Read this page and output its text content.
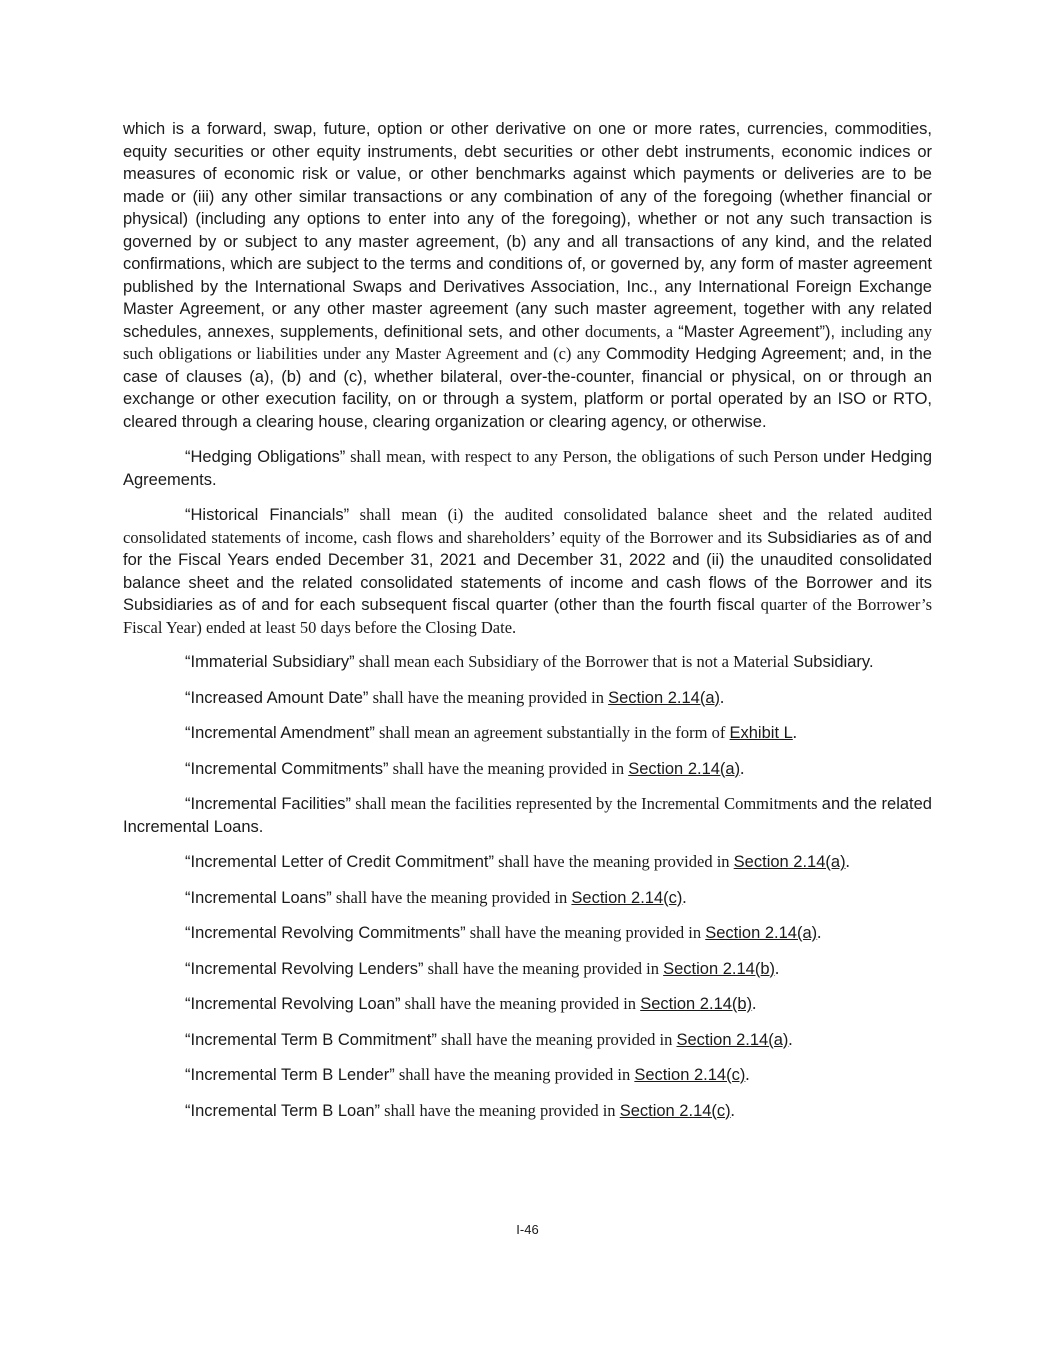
which is a forward, swap, future, option or other derivative on one or more rates, currencies, commodities, equity securities or other equity instruments, debt securities or other debt instruments, economic indices or measures of economic risk or value, or other benchmarks against which payments or deliveries are to be made or (iii) any other similar transactions or any combination of any of the foregoing (whether financial or physical) (including any options to enter into any of the foregoing), whether or not any such transaction is governed by or subject to any master agreement, (b) any and all transactions of any kind, and the related confirmations, which are subject to the terms and conditions of, or governed by, any form of master agreement published by the International Swaps and Derivatives Association, Inc., any International Foreign Exchange Master Agreement, or any other master agreement (any such master agreement, together with any related schedules, annexes, supplements, definitional sets, and other documents, a “Master Agreement”), including any such obligations or liabilities under any Master Agreement and (c) any Commodity Hedging Agreement; and, in the case of clauses (a), (b) and (c), whether bilateral, over-the-counter, financial or physical, on or through an exchange or other execution facility, on or through a system, platform or portal operated by an ISO or RTO, cleared through a clearing house, clearing organization or clearing agency, or otherwise.

“Hedging Obligations” shall mean, with respect to any Person, the obligations of such Person under Hedging Agreements.

“Historical Financials” shall mean (i) the audited consolidated balance sheet and the related audited consolidated statements of income, cash flows and shareholders’ equity of the Borrower and its Subsidiaries as of and for the Fiscal Years ended December 31, 2021 and December 31, 2022 and (ii) the unaudited consolidated balance sheet and the related consolidated statements of income and cash flows of the Borrower and its Subsidiaries as of and for each subsequent fiscal quarter (other than the fourth fiscal quarter of the Borrower’s Fiscal Year) ended at least 50 days before the Closing Date.

“Immaterial Subsidiary” shall mean each Subsidiary of the Borrower that is not a Material Subsidiary.

“Increased Amount Date” shall have the meaning provided in Section 2.14(a).

“Incremental Amendment” shall mean an agreement substantially in the form of Exhibit L.

“Incremental Commitments” shall have the meaning provided in Section 2.14(a).

“Incremental Facilities” shall mean the facilities represented by the Incremental Commitments and the related Incremental Loans.

“Incremental Letter of Credit Commitment” shall have the meaning provided in Section 2.14(a).

“Incremental Loans” shall have the meaning provided in Section 2.14(c).

“Incremental Revolving Commitments” shall have the meaning provided in Section 2.14(a).

“Incremental Revolving Lenders” shall have the meaning provided in Section 2.14(b).

“Incremental Revolving Loan” shall have the meaning provided in Section 2.14(b).

“Incremental Term B Commitment” shall have the meaning provided in Section 2.14(a).

“Incremental Term B Lender” shall have the meaning provided in Section 2.14(c).

“Incremental Term B Loan” shall have the meaning provided in Section 2.14(c).

I-46
